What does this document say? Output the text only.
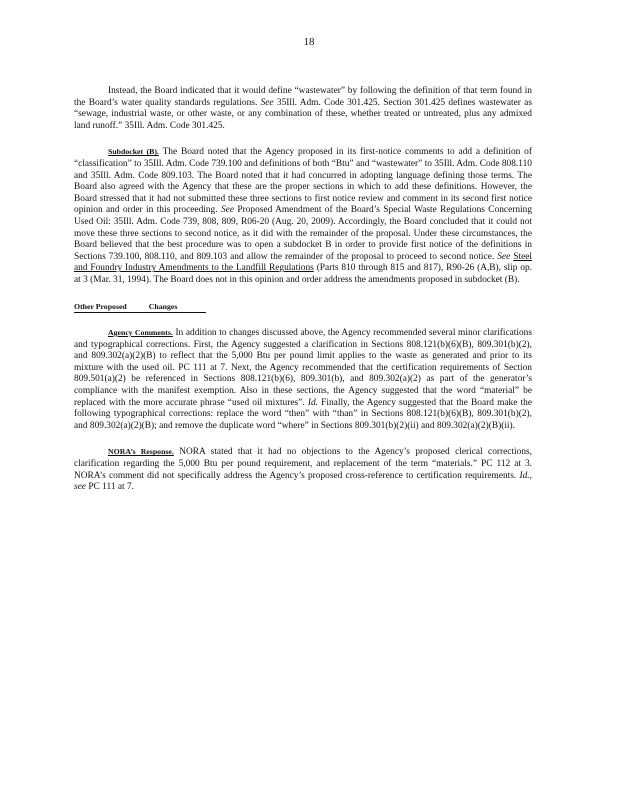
18

Instead, the Board indicated that it would define “wastewater” by following the definition of that term found in the Board’s water quality standards regulations. See 35Ill. Adm. Code 301.425. Section 301.425 defines wastewater as “sewage, industrial waste, or other waste, or any combination of these, whether treated or untreated, plus any admixed land runoff.” 35Ill. Adm. Code 301.425.

Subdocket (B). The Board noted that the Agency proposed in its first-notice comments to add a definition of “classification” to 35Ill. Adm. Code 739.100 and definitions of both “Btu” and “wastewater” to 35Ill. Adm. Code 808.110 and 35Ill. Adm. Code 809.103. The Board noted that it had concurred in adopting language defining those terms. The Board also agreed with the Agency that these are the proper sections in which to add these definitions. However, the Board stressed that it had not submitted these three sections to first notice review and comment in its second first notice opinion and order in this proceeding. See Proposed Amendment of the Board’s Special Waste Regulations Concerning Used Oil: 35Ill. Adm. Code 739, 808, 809, R06-20 (Aug. 20, 2009). Accordingly, the Board concluded that it could not move these three sections to second notice, as it did with the remainder of the proposal. Under these circumstances, the Board believed that the best procedure was to open a subdocket B in order to provide first notice of the definitions in Sections 739.100, 808.110, and 809.103 and allow the remainder of the proposal to proceed to second notice. See Steel and Foundry Industry Amendments to the Landfill Regulations (Parts 810 through 815 and 817), R90-26 (A,B), slip op. at 3 (Mar. 31, 1994). The Board does not in this opinion and order address the amendments proposed in subdocket (B).

Other Proposed	Changes

Agency Comments. In addition to changes discussed above, the Agency recommended several minor clarifications and typographical corrections. First, the Agency suggested a clarification in Sections 808.121(b)(6)(B), 809.301(b)(2), and 809.302(a)(2)(B) to reflect that the 5,000 Btu per pound limit applies to the waste as generated and prior to its mixture with the used oil. PC 111 at 7. Next, the Agency recommended that the certification requirements of Section 809.501(a)(2) be referenced in Sections 808.121(b)(6), 809.301(b), and 809.302(a)(2) as part of the generator’s compliance with the manifest exemption. Also in these sections, the Agency suggested that the word “material” be replaced with the more accurate phrase “used oil mixtures”. Id. Finally, the Agency suggested that the Board make the following typographical corrections: replace the word “then” with “than” in Sections 808.121(b)(6)(B), 809.301(b)(2), and 809.302(a)(2)(B); and remove the duplicate word “where” in Sections 809.301(b)(2)(ii) and 809.302(a)(2)(B)(ii).

NORA’s Response. NORA stated that it had no objections to the Agency’s proposed clerical corrections, clarification regarding the 5,000 Btu per pound requirement, and replacement of the term “materials.” PC 112 at 3. NORA’s comment did not specifically address the Agency’s proposed cross-reference to certification requirements. Id., see PC 111 at 7.
